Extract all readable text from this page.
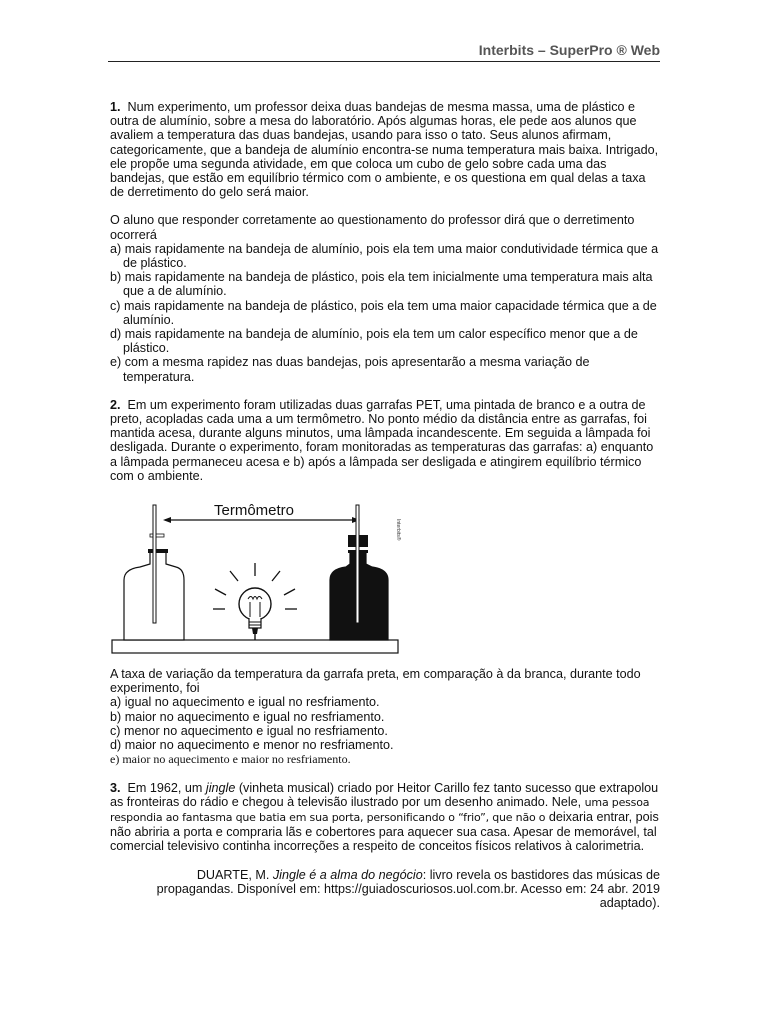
Interbits – SuperPro ® Web

1. Num experimento, um professor deixa duas bandejas de mesma massa, uma de plástico e outra de alumínio, sobre a mesa do laboratório. Após algumas horas, ele pede aos alunos que avaliem a temperatura das duas bandejas, usando para isso o tato. Seus alunos afirmam, categoricamente, que a bandeja de alumínio encontra-se numa temperatura mais baixa. Intrigado, ele propõe uma segunda atividade, em que coloca um cubo de gelo sobre cada uma das bandejas, que estão em equilíbrio térmico com o ambiente, e os questiona em qual delas a taxa de derretimento do gelo será maior.

O aluno que responder corretamente ao questionamento do professor dirá que o derretimento ocorrerá

a) mais rapidamente na bandeja de alumínio, pois ela tem uma maior condutividade térmica que a de plástico.

b) mais rapidamente na bandeja de plástico, pois ela tem inicialmente uma temperatura mais alta que a de alumínio.

c) mais rapidamente na bandeja de plástico, pois ela tem uma maior capacidade térmica que a de alumínio.

d) mais rapidamente na bandeja de alumínio, pois ela tem um calor específico menor que a de plástico.

e) com a mesma rapidez nas duas bandejas, pois apresentarão a mesma variação de temperatura.

2. Em um experimento foram utilizadas duas garrafas PET, uma pintada de branco e a outra de preto, acopladas cada uma a um termômetro. No ponto médio da distância entre as garrafas, foi mantida acesa, durante alguns minutos, uma lâmpada incandescente. Em seguida a lâmpada foi desligada. Durante o experimento, foram monitoradas as temperaturas das garrafas: a) enquanto a lâmpada permaneceu acesa e b) após a lâmpada ser desligada e atingirem equilíbrio térmico com o ambiente.

Termômetro
Interbits®

A taxa de variação da temperatura da garrafa preta, em comparação à da branca, durante todo experimento, foi

a) igual no aquecimento e igual no resfriamento.

b) maior no aquecimento e igual no resfriamento.

c) menor no aquecimento e igual no resfriamento.

d) maior no aquecimento e menor no resfriamento.

e) maior no aquecimento e maior no resfriamento.

3. Em 1962, um jingle (vinheta musical) criado por Heitor Carillo fez tanto sucesso que extrapolou as fronteiras do rádio e chegou à televisão ilustrado por um desenho animado. Nele, uma pessoa respondia ao fantasma que batia em sua porta, personificando o “frio”, que não o deixaria entrar, pois não abriria a porta e compraria lãs e cobertores para aquecer sua casa. Apesar de memorável, tal comercial televisivo continha incorreções a respeito de conceitos físicos relativos à calorimetria.

DUARTE, M. Jingle é a alma do negócio: livro revela os bastidores das músicas de propagandas. Disponível em: https://guiadoscuriosos.uol.com.br. Acesso em: 24 abr. 2019 adaptado).
